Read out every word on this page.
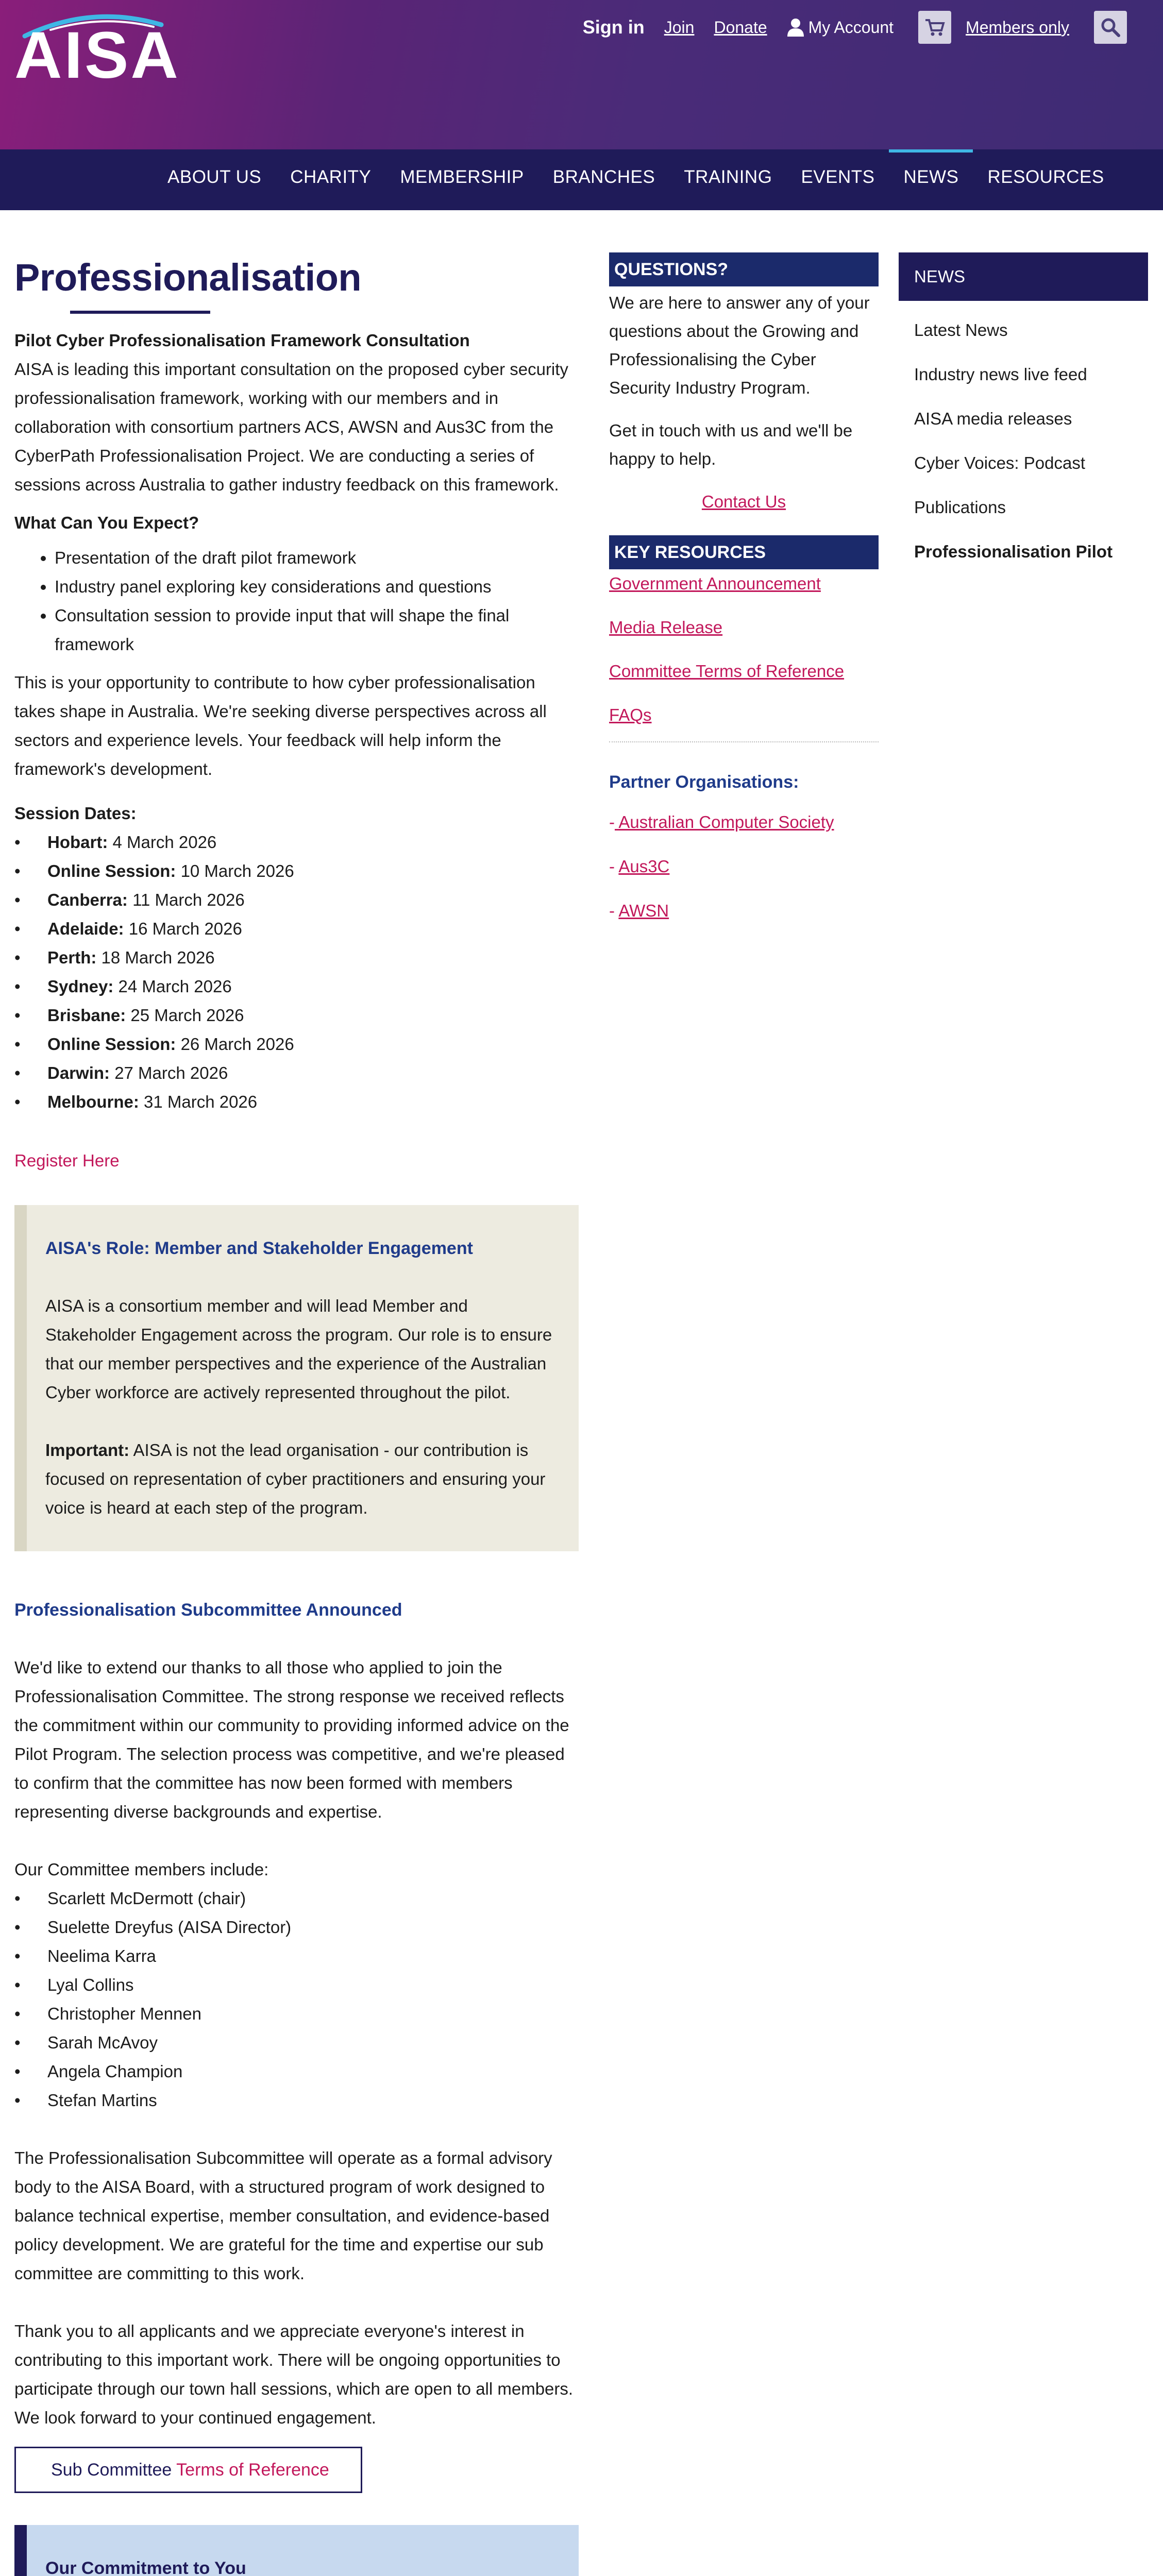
AISA	Sign in Join Donate	My Account	Members only
ABOUT US	CHARITY	MEMBERSHIP	BRANCHES	TRAINING	EVENTS	NEWS	RESOURCES
Professionalisation

Pilot Cyber Professionalisation Framework Consultation

AISA is leading this important consultation on the proposed cyber security professionalisation framework, working with our members and in collaboration with consortium partners ACS, AWSN and Aus3C from the CyberPath Professionalisation Project. We are conducting a series of sessions across Australia to gather industry feedback on this framework.

What Can You Expect?

• Presentation of the draft pilot framework
• Industry panel exploring key considerations and questions
• Consultation session to provide input that will shape the final framework

This is your opportunity to contribute to how cyber professionalisation takes shape in Australia. We're seeking diverse perspectives across all sectors and experience levels. Your feedback will help inform the framework's development.

Session Dates:

• Hobart: 4 March 2026
• Online Session: 10 March 2026
• Canberra: 11 March 2026
• Adelaide: 16 March 2026
• Perth: 18 March 2026
• Sydney: 24 March 2026
• Brisbane: 25 March 2026
• Online Session: 26 March 2026
• Darwin: 27 March 2026
• Melbourne: 31 March 2026

Register Here

AISA's Role: Member and Stakeholder Engagement

AISA is a consortium member and will lead Member and Stakeholder Engagement across the program. Our role is to ensure that our member perspectives and the experience of the Australian Cyber workforce are actively represented throughout the pilot.

Important: AISA is not the lead organisation - our contribution is focused on representation of cyber practitioners and ensuring your voice is heard at each step of the program.

Professionalisation Subcommittee Announced

We'd like to extend our thanks to all those who applied to join the Professionalisation Committee. The strong response we received reflects the commitment within our community to providing informed advice on the Pilot Program. The selection process was competitive, and we're pleased to confirm that the committee has now been formed with members representing diverse backgrounds and expertise.

Our Committee members include:

• Scarlett McDermott (chair)
• Suelette Dreyfus (AISA Director)
• Neelima Karra
• Lyal Collins
• Christopher Mennen
• Sarah McAvoy
• Angela Champion
• Stefan Martins

The Professionalisation Subcommittee will operate as a formal advisory body to the AISA Board, with a structured program of work designed to balance technical expertise, member consultation, and evidence-based policy development. We are grateful for the time and expertise our sub committee are committing to this work.

Thank you to all applicants and we appreciate everyone's interest in contributing to this important work. There will be ongoing opportunities to participate through our town hall sessions, which are open to all members. We look forward to your continued engagement.

Sub Committee Terms of Reference

Our Commitment to You

QUESTIONS?

We are here to answer any of your questions about the Growing and Professionalising the Cyber Security Industry Program.

Get in touch with us and we'll be happy to help.

Contact Us
KEY RESOURCES
Government Announcement
Media Release
Committee Terms of Reference
FAQs

Partner Organisations:

- Australian Computer Society
- Aus3C
- AWSN
NEWS
Latest News
Industry news live feed
AISA media releases
Cyber Voices: Podcast
Publications
Professionalisation Pilot
